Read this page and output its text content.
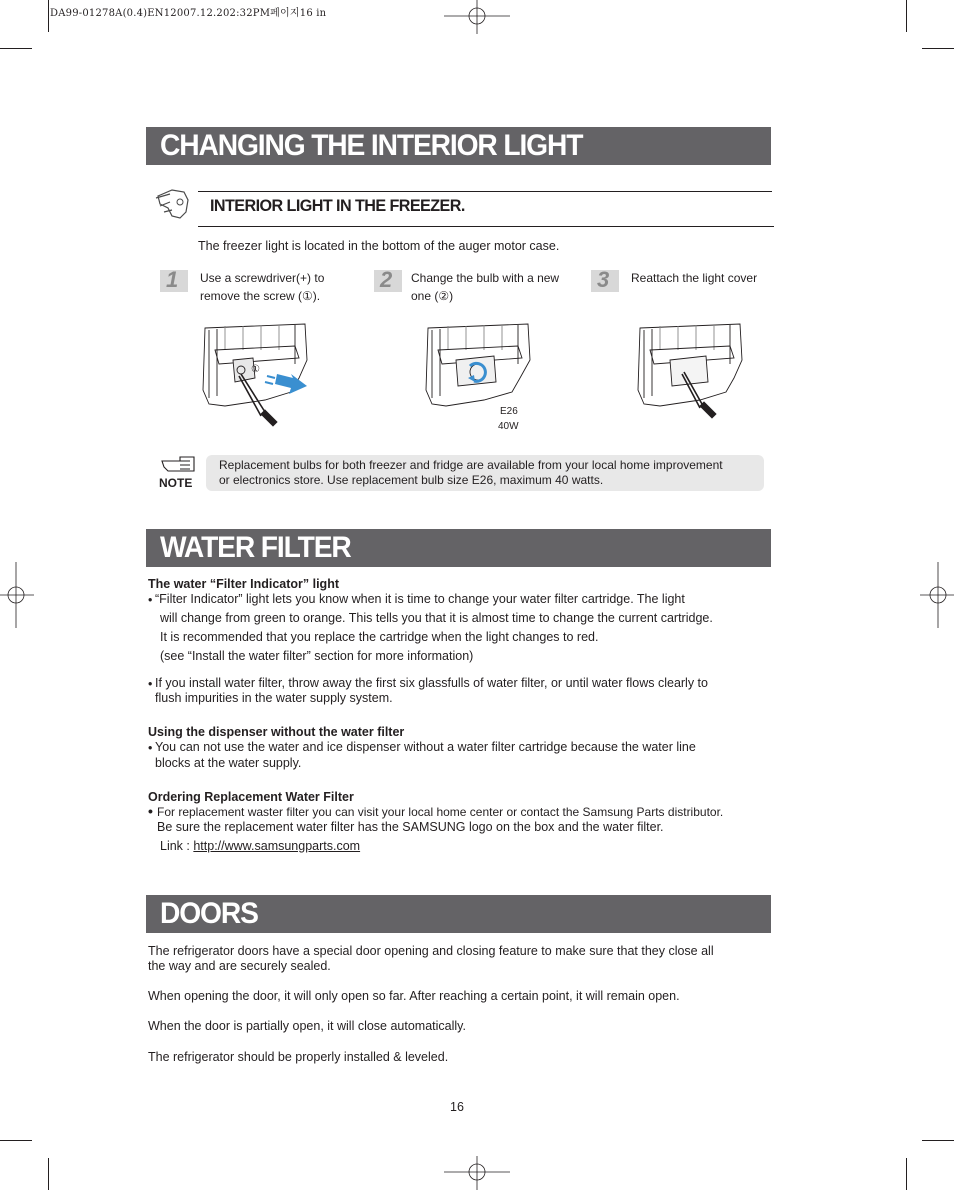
DA99-01278A(0.4)EN12007.12.202:32PM페이지16 in
CHANGING THE INTERIOR LIGHT
INTERIOR LIGHT IN THE FREEZER.
The freezer light is located in the bottom of the auger motor case.
1 Use a screwdriver(+) to
remove the screw (①).
2 Change the bulb with a new
one (②)
3 Reattach the light cover
①
E26
40W
NOTE
Replacement bulbs for both freezer and fridge are available from your local home improvement
or electronics store. Use replacement bulb size E26, maximum 40 watts.
WATER FILTER
The water “Filter Indicator” light
• “Filter Indicator” light lets you know when it is time to change your water filter cartridge. The light
will change from green to orange. This tells you that it is almost time to change the current cartridge.
It is recommended that you replace the cartridge when the light changes to red.
(see “Install the water filter” section for more information)
• If you install water filter, throw away the first six glassfulls of water filter, or until water flows clearly to
flush impurities in the water supply system.
Using the dispenser without the water filter
• You can not use the water and ice dispenser without a water filter cartridge because the water line
blocks at the water supply.
Ordering Replacement Water Filter
• For replacement waster filter you can visit your local home center or contact the Samsung Parts distributor.
Be sure the replacement water filter has the SAMSUNG logo on the box and the water filter.
Link : http://www.samsungparts.com
DOORS
The refrigerator doors have a special door opening and closing feature to make sure that they close all
the way and are securely sealed.
When opening the door, it will only open so far. After reaching a certain point, it will remain open.
When the door is partially open, it will close automatically.
The refrigerator should be properly installed & leveled.
16
